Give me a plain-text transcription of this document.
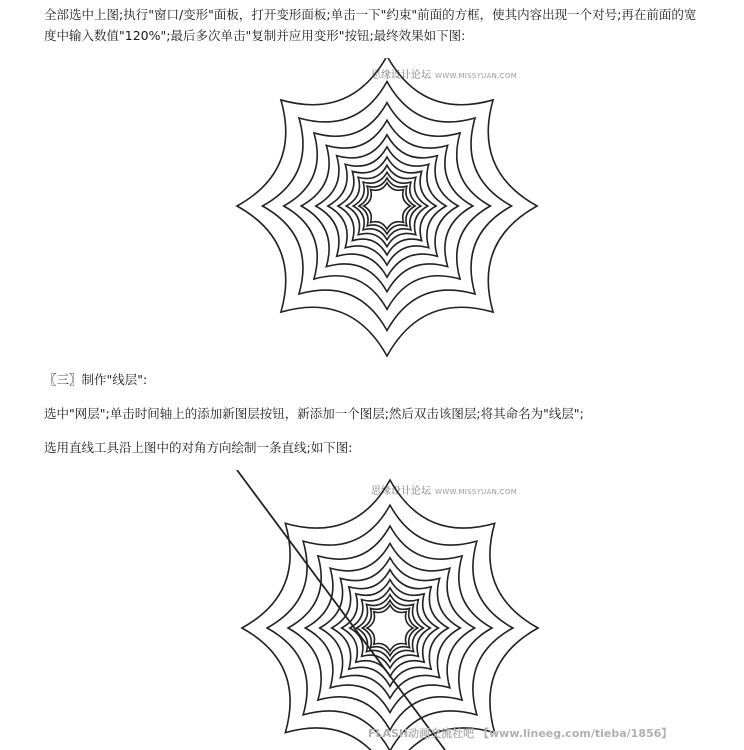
全部选中上图;执行"窗口/变形"面板，打开变形面板;单击一下"约束"前面的方框，使其内容出现一个对号;再在前面的宽度中输入数值"120%";最后多次单击"复制并应用变形"按钮;最终效果如下图:

思缘设计论坛 WWW.MISSYUAN.COM

〖三〗制作"线层":

选中"网层";单击时间轴上的添加新图层按钮，新添加一个图层;然后双击该图层;将其命名为"线层";

选用直线工具沿上图中的对角方向绘制一条直线;如下图:

思缘设计论坛 WWW.MISSYUAN.COM
FLASH动画交流社吧 【www.lineeg.com/tieba/1856】
